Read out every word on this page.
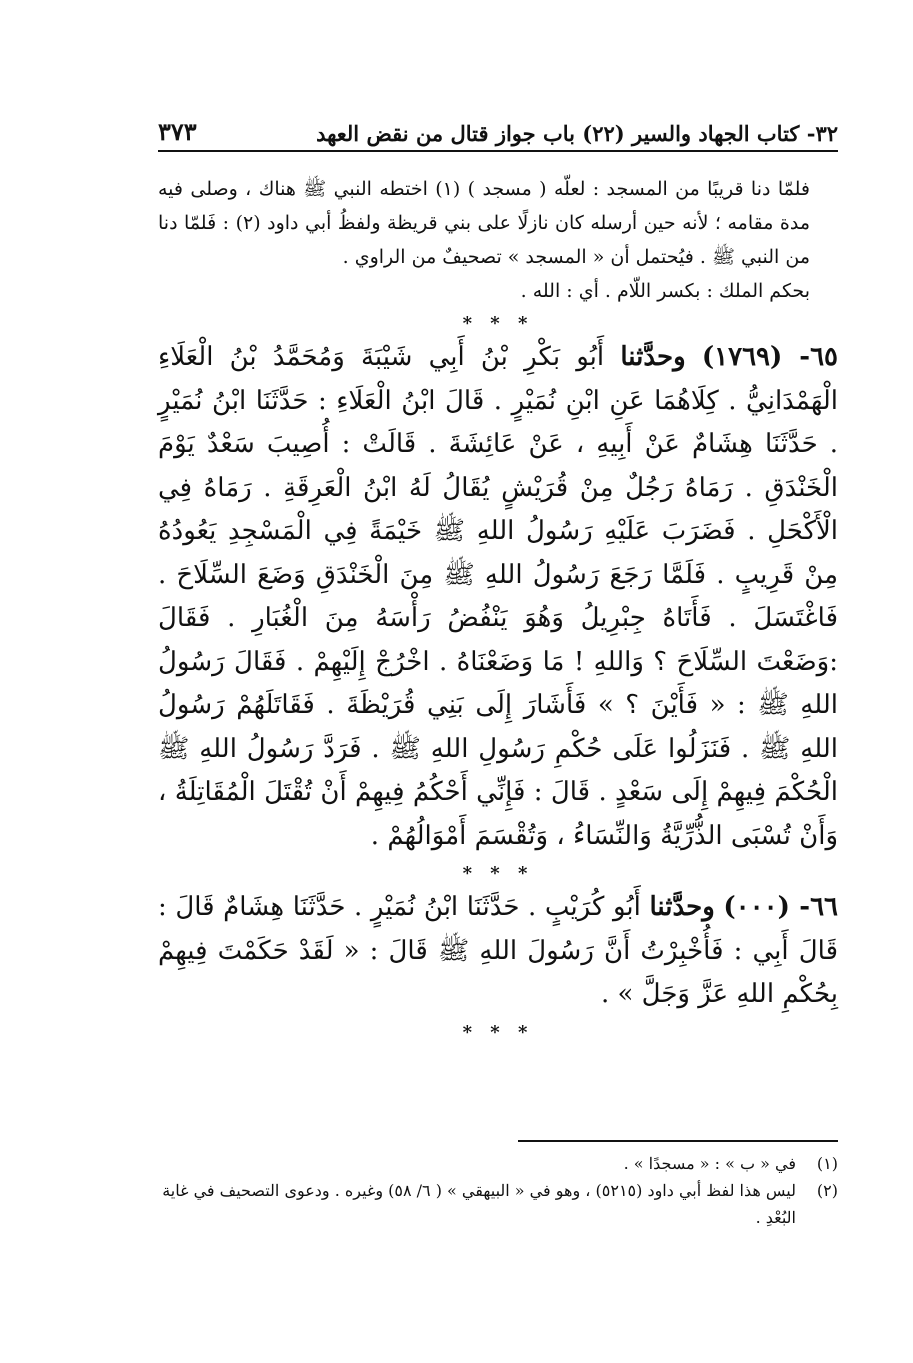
٣٢- كتاب الجهاد والسير (٢٢) باب جواز قتال من نقض العهد
٣٧٣

فلمّا دنا قريبًا من المسجد : لعلّه ( مسجد ) (١) اختطه النبي ﷺ هناك ، وصلى فيه مدة مقامه ؛ لأنه حين أرسله كان نازلًا على بني قريظة ولفظُ أبي داود (٢) : فَلمّا دنا من النبي ﷺ . فيُحتمل أن « المسجد » تصحيفٌ من الراوي .

بحكم الملك : بكسر اللّام . أي : الله .

* * *

٦٥- (١٧٦٩) وحدَّثنا أَبُو بَكْرِ بْنُ أَبِي شَيْبَةَ وَمُحَمَّدُ بْنُ الْعَلَاءِ الْهَمْدَانِيُّ . كِلَاهُمَا عَنِ ابْنِ نُمَيْرٍ . قَالَ ابْنُ الْعَلَاءِ : حَدَّثَنَا ابْنُ نُمَيْرٍ . حَدَّثَنَا هِشَامٌ عَنْ أَبِيهِ ، عَنْ عَائِشَةَ . قَالَتْ : أُصِيبَ سَعْدٌ يَوْمَ الْخَنْدَقِ . رَمَاهُ رَجُلٌ مِنْ قُرَيْشٍ يُقَالُ لَهُ ابْنُ الْعَرِقَةِ . رَمَاهُ فِي الْأَكْحَلِ . فَضَرَبَ عَلَيْهِ رَسُولُ اللهِ ﷺ خَيْمَةً فِي الْمَسْجِدِ يَعُودُهُ مِنْ قَرِيبٍ . فَلَمَّا رَجَعَ رَسُولُ اللهِ ﷺ مِنَ الْخَنْدَقِ وَضَعَ السِّلَاحَ . فَاغْتَسَلَ . فَأَتَاهُ جِبْرِيلُ وَهُوَ يَنْفُضُ رَأْسَهُ مِنَ الْغُبَارِ . فَقَالَ :وَضَعْتَ السِّلَاحَ ؟ وَاللهِ ! مَا وَضَعْنَاهُ . اخْرُجْ إِلَيْهِمْ . فَقَالَ رَسُولُ اللهِ ﷺ : « فَأَيْنَ ؟ » فَأَشَارَ إِلَى بَنِي قُرَيْظَةَ . فَقَاتَلَهُمْ رَسُولُ اللهِ ﷺ . فَنَزَلُوا عَلَى حُكْمِ رَسُولِ اللهِ ﷺ . فَرَدَّ رَسُولُ اللهِ ﷺ الْحُكْمَ فِيهِمْ إِلَى سَعْدٍ . قَالَ : فَإِنِّي أَحْكُمُ فِيهِمْ أَنْ تُقْتَلَ الْمُقَاتِلَةُ ، وَأَنْ تُسْبَى الذُّرِّيَّةُ وَالنِّسَاءُ ، وَتُقْسَمَ أَمْوَالُهُمْ .

* * *

٦٦- (٠٠٠) وحدَّثنا أَبُو كُرَيْبٍ . حَدَّثَنَا ابْنُ نُمَيْرٍ . حَدَّثَنَا هِشَامٌ قَالَ : قَالَ أَبِي : فَأُخْبِرْتُ أَنَّ رَسُولَ اللهِ ﷺ قَالَ : « لَقَدْ حَكَمْتَ فِيهِمْ بِحُكْمِ اللهِ عَزَّ وَجَلَّ » .

* * *

(١)
في « ب » : « مسجدًا » .

(٢)
ليس هذا لفظ أبي داود (٥٢١٥) ، وهو في « البيهقي » ( ٦/ ٥٨) وغيره . ودعوى التصحيف في غاية البُعْدِ .
